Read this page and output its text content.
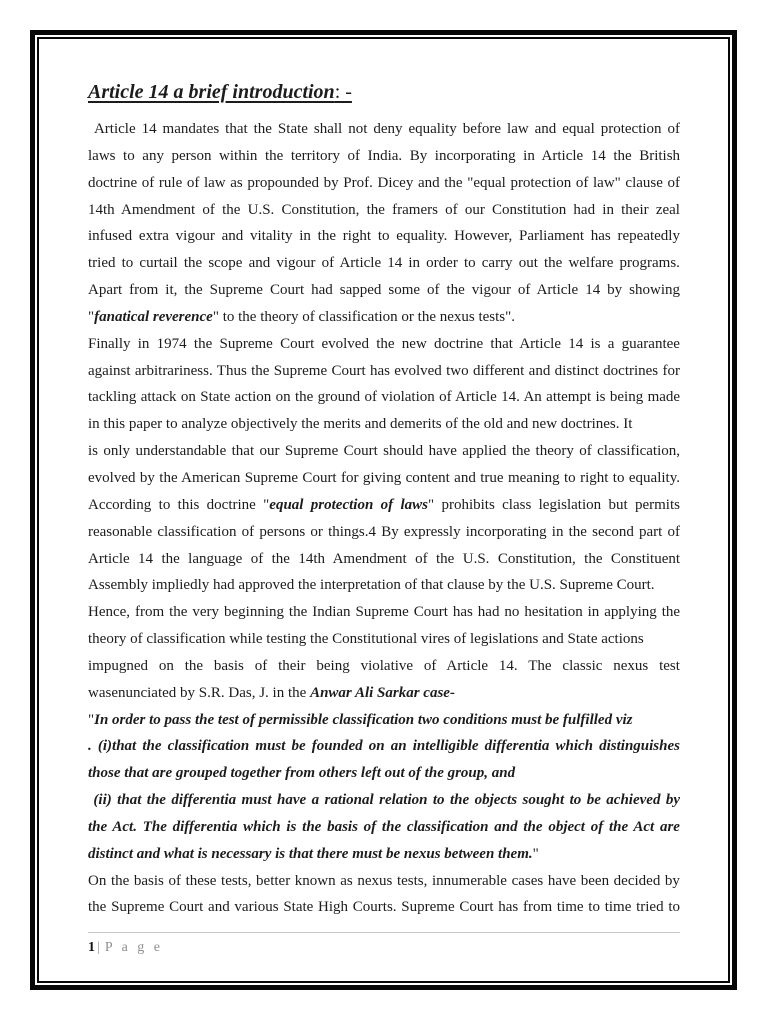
Article 14 a brief introduction: -
Article 14 mandates that the State shall not deny equality before law and equal protection of
laws to any person within the territory of India. By incorporating in Article 14 the British
doctrine of rule of law as propounded by Prof. Dicey and the "equal protection of law" clause of
14th Amendment of the U.S. Constitution, the framers of our Constitution had in their zeal
infused extra vigour and vitality in the right to equality. However, Parliament has repeatedly
tried to curtail the scope and vigour of Article 14 in order to carry out the welfare programs.
Apart from it, the Supreme Court had sapped some of the vigour of Article 14 by showing
"fanatical reverence" to the theory of classification or the nexus tests".
Finally in 1974 the Supreme Court evolved the new doctrine that Article 14 is a guarantee
against arbitrariness. Thus the Supreme Court has evolved two different and distinct doctrines for
tackling attack on State action on the ground of violation of Article 14. An attempt is being made
in this paper to analyze objectively the merits and demerits of the old and new doctrines. It
is only understandable that our Supreme Court should have applied the theory of classification,
evolved by the American Supreme Court for giving content and true meaning to right to equality.
According to this doctrine "equal protection of laws" prohibits class legislation but permits
reasonable classification of persons or things.4 By expressly incorporating in the second part of
Article 14 the language of the 14th Amendment of the U.S. Constitution, the Constituent
Assembly impliedly had approved the interpretation of that clause by the U.S. Supreme Court.
Hence, from the very beginning the Indian Supreme Court has had no hesitation in applying the
theory of classification while testing the Constitutional vires of legislations and State actions
impugned on the basis of their being violative of Article 14. The classic nexus test
wasenunciated by S.R. Das, J. in the Anwar Ali Sarkar case-
"In order to pass the test of permissible classification two conditions must be fulfilled viz
. (i)that the classification must be founded on an intelligible differentia which distinguishes
those that are grouped together from others left out of the group, and
(ii) that the differentia must have a rational relation to the objects sought to be achieved by
the Act. The differentia which is the basis of the classification and the object of the Act are
distinct and what is necessary is that there must be nexus between them."
On the basis of these tests, better known as nexus tests, innumerable cases have been decided by
the Supreme Court and various State High Courts. Supreme Court has from time to time tried to
1 | P a g e
